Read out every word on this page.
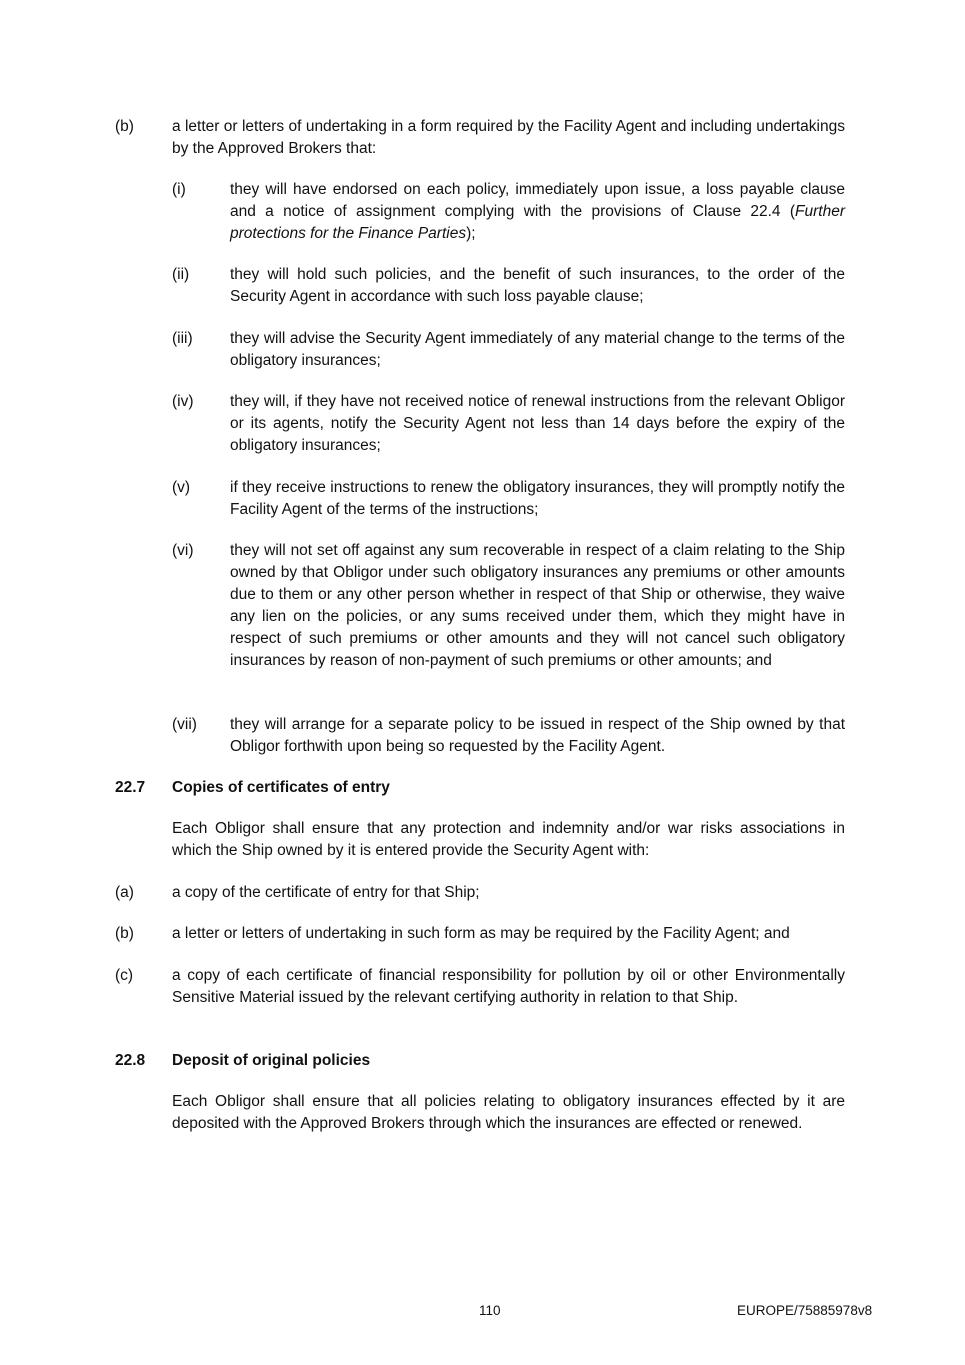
(b) a letter or letters of undertaking in a form required by the Facility Agent and including undertakings by the Approved Brokers that:
(i)	they will have endorsed on each policy, immediately upon issue, a loss payable clause and a notice of assignment complying with the provisions of Clause 22.4 (Further protections for the Finance Parties);
(ii)	they will hold such policies, and the benefit of such insurances, to the order of the Security Agent in accordance with such loss payable clause;
(iii) they will advise the Security Agent immediately of any material change to the terms of the obligatory insurances;
(iv) they will, if they have not received notice of renewal instructions from the relevant Obligor or its agents, notify the Security Agent not less than 14 days before the expiry of the obligatory insurances;
(v)	if they receive instructions to renew the obligatory insurances, they will promptly notify the Facility Agent of the terms of the instructions;
(vi) they will not set off against any sum recoverable in respect of a claim relating to the Ship owned by that Obligor under such obligatory insurances any premiums or other amounts due to them or any other person whether in respect of that Ship or otherwise, they waive any lien on the policies, or any sums received under them, which they might have in respect of such premiums or other amounts and they will not cancel such obligatory insurances by reason of non-payment of such premiums or other amounts; and
(vii) they will arrange for a separate policy to be issued in respect of the Ship owned by that Obligor forthwith upon being so requested by the Facility Agent.
22.7 Copies of certificates of entry
Each Obligor shall ensure that any protection and indemnity and/or war risks associations in which the Ship owned by it is entered provide the Security Agent with:
(a) a copy of the certificate of entry for that Ship;
(b) a letter or letters of undertaking in such form as may be required by the Facility Agent; and
(c)	a copy of each certificate of financial responsibility for pollution by oil or other Environmentally Sensitive Material issued by the relevant certifying authority in relation to that Ship.
22.8 Deposit of original policies
Each Obligor shall ensure that all policies relating to obligatory insurances effected by it are deposited with the Approved Brokers through which the insurances are effected or renewed.
110	EUROPE/75885978v8
